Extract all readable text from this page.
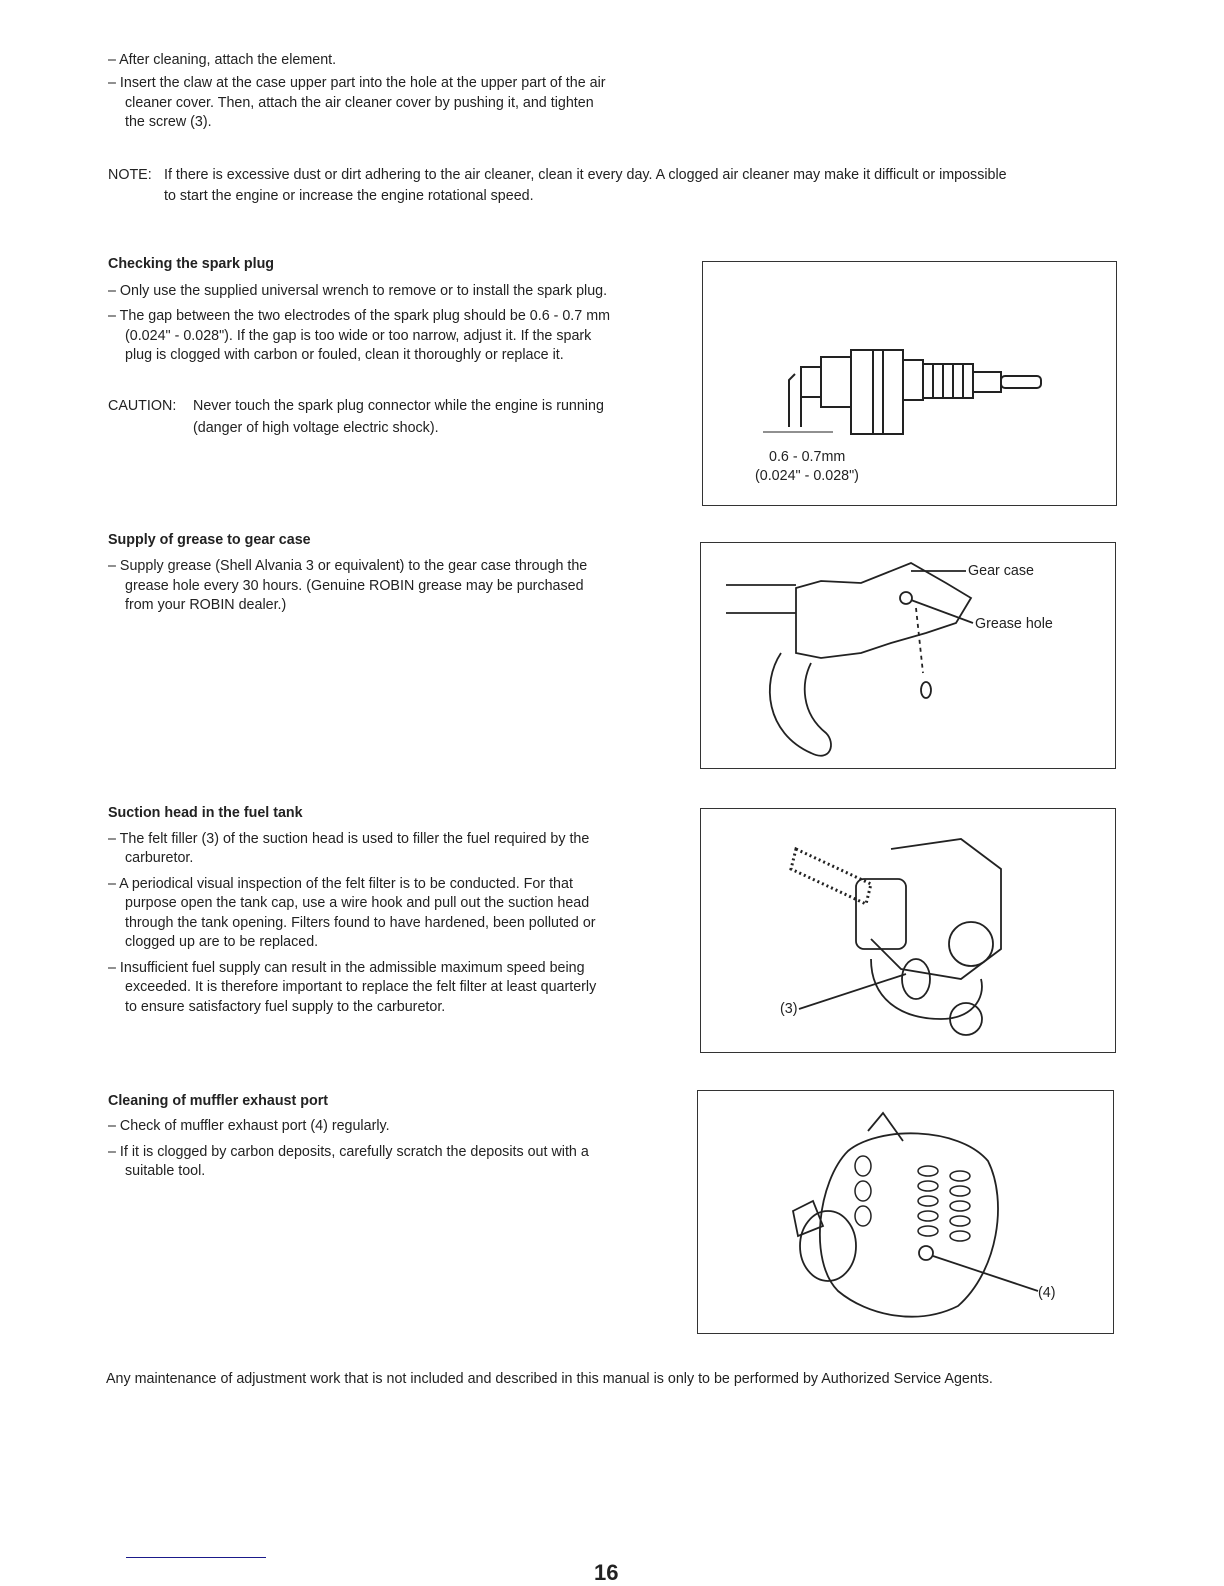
– After cleaning, attach the element.
– Insert the claw at the case upper part into the hole at the upper part of the air
cleaner cover. Then, attach the air cleaner cover by pushing it, and tighten
the screw (3).
NOTE: If there is excessive dust or dirt adhering to the air cleaner, clean it every day. A clogged air cleaner may make it difficult or impossible
to start the engine or increase the engine rotational speed.
Checking the spark plug
– Only use the supplied universal wrench to remove or to install the spark plug.
– The gap between the two electrodes of the spark plug should be 0.6 - 0.7 mm
(0.024" - 0.028"). If the gap is too wide or too narrow, adjust it. If the spark
plug is clogged with carbon or fouled, clean it thoroughly or replace it.
CAUTION: Never touch the spark plug connector while the engine is running
(danger of high voltage electric shock).
0.6 - 0.7mm
(0.024" - 0.028")
Supply of grease to gear case
– Supply grease (Shell Alvania 3 or equivalent) to the gear case through the
grease hole every 30 hours. (Genuine ROBIN grease may be purchased
from your ROBIN dealer.)
Gear case
Grease hole
Suction head in the fuel tank
– The felt filler (3) of the suction head is used to filler the fuel required by the
carburetor.
– A periodical visual inspection of the felt filter is to be conducted. For that
purpose open the tank cap, use a wire hook and pull out the suction head
through the tank opening. Filters found to have hardened, been polluted or
clogged up are to be replaced.
– Insufficient fuel supply can result in the admissible maximum speed being
exceeded. It is therefore important to replace the felt filter at least quarterly
to ensure satisfactory fuel supply to the carburetor.	(3)
Cleaning of muffler exhaust port
– Check of muffler exhaust port (4) regularly.
– If it is clogged by carbon deposits, carefully scratch the deposits out with a
suitable tool.
(4)
Any maintenance of adjustment work that is not included and described in this manual is only to be performed by Authorized Service Agents.
16
